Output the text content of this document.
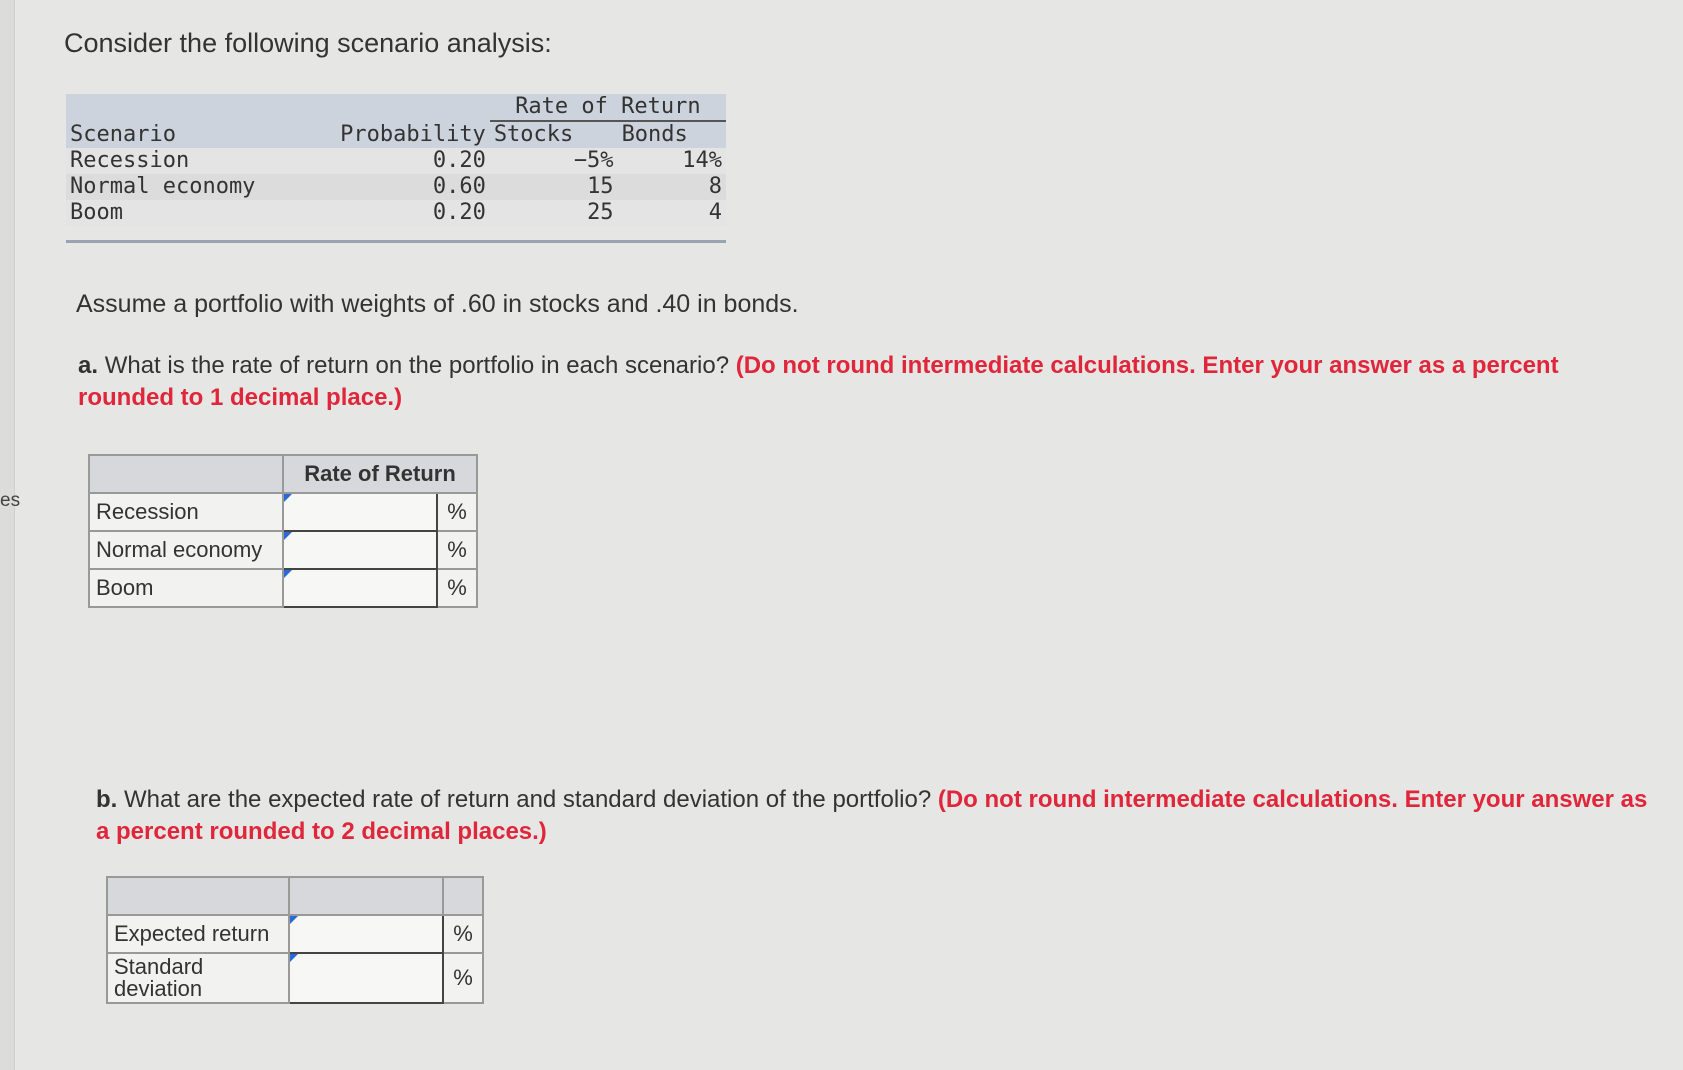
es
Consider the following scenario analysis:
		Rate of Return	
Scenario	Probability	Stocks	Bonds
Recession	0.20	−5%	14%
Normal economy	0.60	15	8
Boom	0.20	25	4
Assume a portfolio with weights of .60 in stocks and .40 in bonds.
a. What is the rate of return on the portfolio in each scenario? (Do not round intermediate calculations. Enter your answer as a percent rounded to 1 decimal place.)
	Rate of Return	
Recession		%
Normal economy		%
Boom		%
b. What are the expected rate of return and standard deviation of the portfolio? (Do not round intermediate calculations. Enter your answer as a percent rounded to 2 decimal places.)

Expected return		%
Standard deviation		%
